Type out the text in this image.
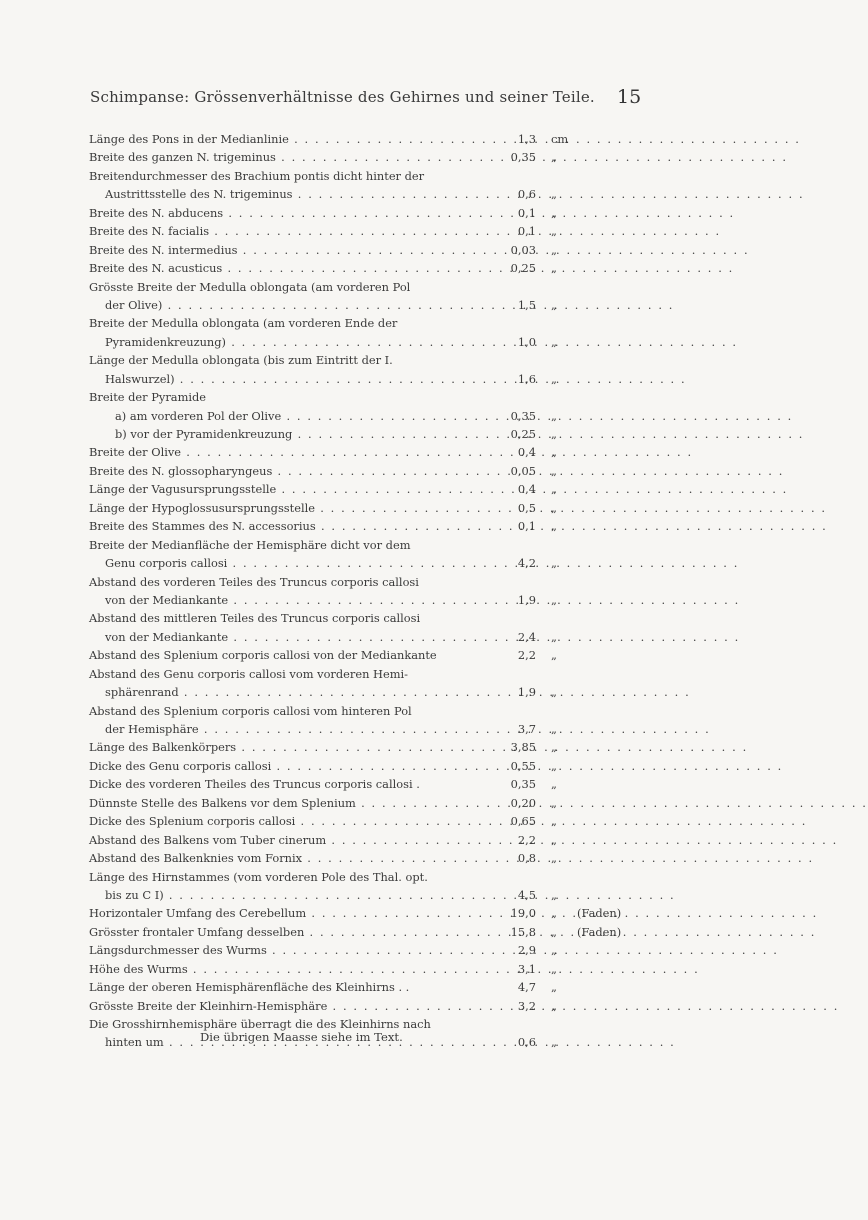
Schimpanse: Grössenverhältnisse des Gehirnes und seiner Teile.	15
Länge des Pons in der Medianlinie . . .	1,3 cm
Breite des ganzen N. trigeminus . . .	0,35 „
Breitendurchmesser des Brachium pontis dicht hinter der
Austrittsstelle des N. trigeminus . . .	0,6 „
Breite des N. abducens . . .	0,1 „
Breite des N. facialis . . .	0,1 „
Breite des N. intermedius . . .	0,03 „
Breite des N. acusticus . . .	0,25 „
Grösste Breite der Medulla oblongata (am vorderen Pol
der Olive) . . .	1,5 „
Breite der Medulla oblongata (am vorderen Ende der
Pyramidenkreuzung) . . .	1,0 „
Länge der Medulla oblongata (bis zum Eintritt der I.
Halswurzel) . . .	1,6 „
Breite der Pyramide
a) am vorderen Pol der Olive . . .	0,35 „
b) vor der Pyramidenkreuzung . . .	0,25 „
Breite der Olive . . .	0,4 „
Breite des N. glossopharyngeus . . .	0,05 „
Länge der Vagusursprungsstelle . . .	0,4 „
Länge der Hypoglossusursprungsstelle . . .	0,5 „
Breite des Stammes des N. accessorius . . .	0,1 „
Breite der Medianfläche der Hemisphäre dicht vor dem
Genu corporis callosi . . .	4,2 „
Abstand des vorderen Teiles des Truncus corporis callosi
von der Mediankante . . .	1,9 „
Abstand des mittleren Teiles des Truncus corporis callosi
von der Mediankante . . .	2,4 „
Abstand des Splenium corporis callosi von der Mediankante	2,2 „
Abstand des Genu corporis callosi vom vorderen Hemi-
sphärenrand . . .	1,9 „
Abstand des Splenium corporis callosi vom hinteren Pol
der Hemisphäre . . .	3,7 „
Länge des Balkenkörpers . . .	3,85 „
Dicke des Genu corporis callosi . . .	0,55 „
Dicke des vorderen Theiles des Truncus corporis callosi .	0,35 „
Dünnste Stelle des Balkens vor dem Splenium . . .	0,20 „
Dicke des Splenium corporis callosi . . .	0,65 „
Abstand des Balkens vom Tuber cinerum . . .	2,2 „
Abstand des Balkenknies vom Fornix . . .	0,8 „
Länge des Hirnstammes (vom vorderen Pole des Thal. opt.
bis zu C I) . . .	4,5 „
Horizontaler Umfang des Cerebellum . . .	19,0 „ (Faden)
Grösster frontaler Umfang desselben . . .	15,8 „ (Faden)
Längsdurchmesser des Wurms . . .	2,9 „
Höhe des Wurms . . .	3,1 „
Länge der oberen Hemisphärenfläche des Kleinhirns . .	4,7 „
Grösste Breite der Kleinhirn-Hemisphäre . . .	3,2 „
Die Grosshirnhemisphäre überragt die des Kleinhirns nach
hinten um . . .	0,6 „
Die übrigen Maasse siehe im Text.
